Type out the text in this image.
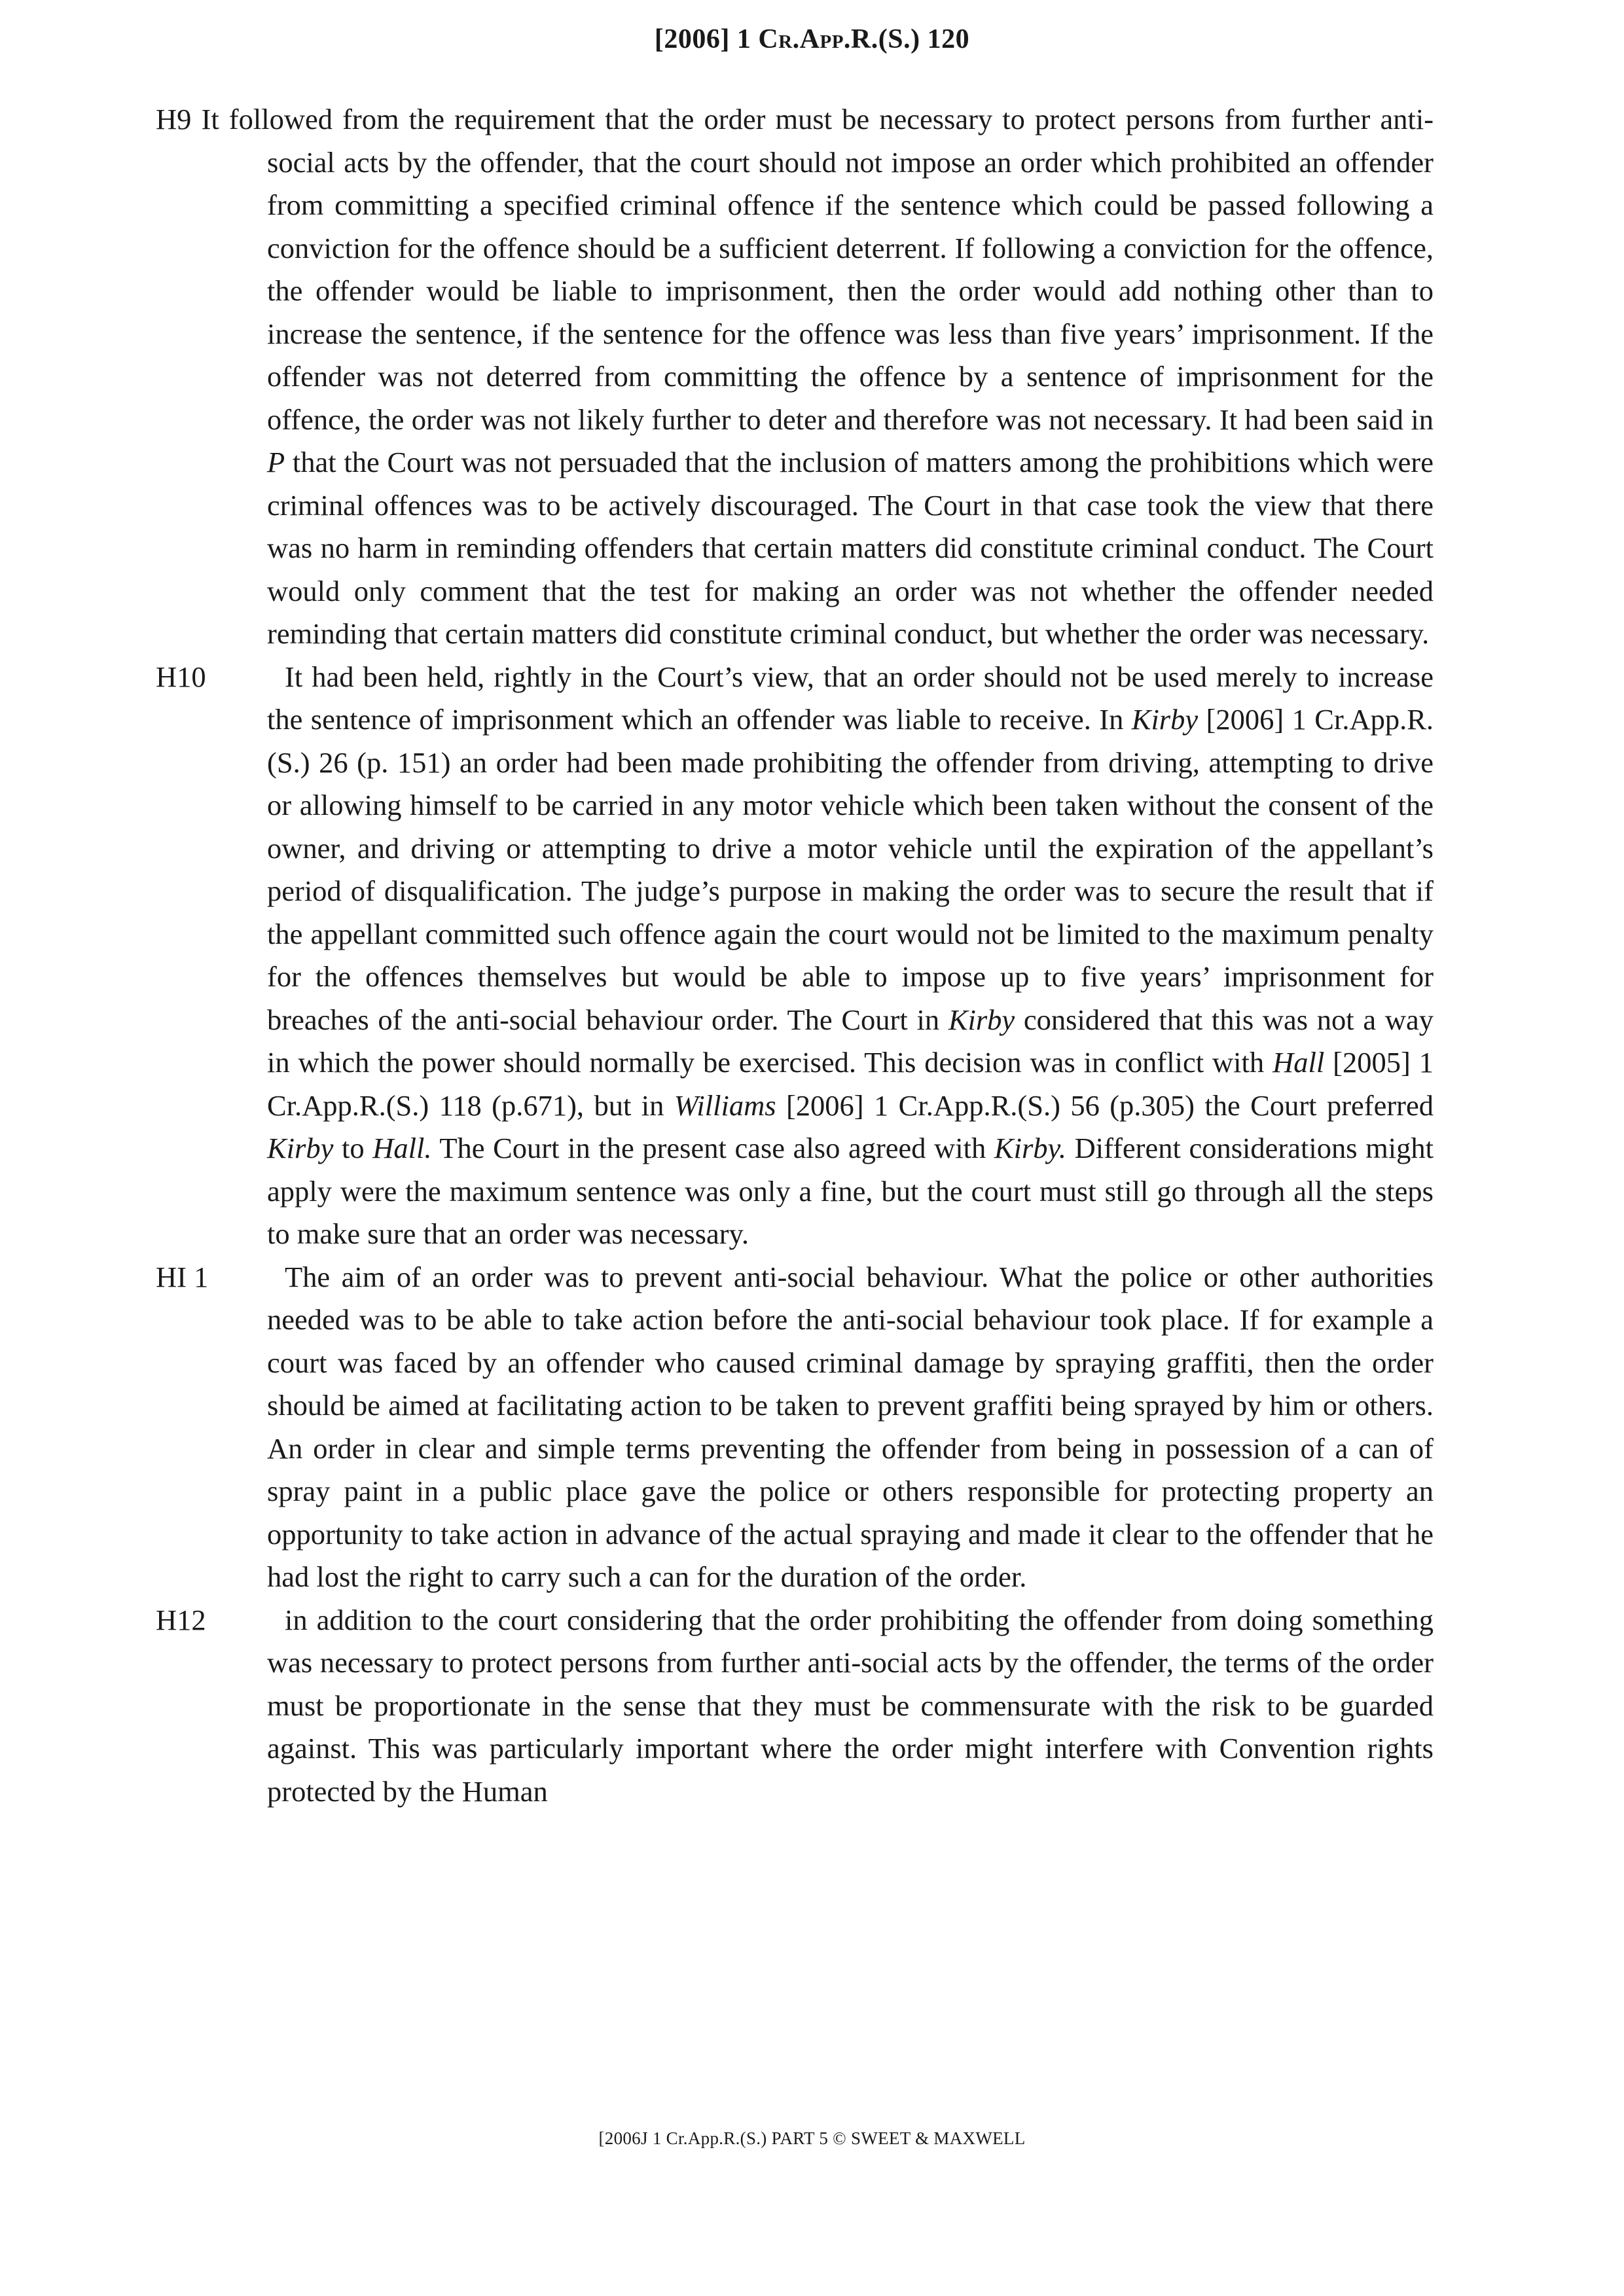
[2006] 1 Cr.App.R.(S.) 120

H9 It followed from the requirement that the order must be necessary to protect persons from further anti-social acts by the offender, that the court should not impose an order which prohibited an offender from committing a specified criminal offence if the sentence which could be passed following a conviction for the offence should be a sufficient deterrent. If following a conviction for the offence, the offender would be liable to imprisonment, then the order would add nothing other than to increase the sentence, if the sentence for the offence was less than five years’ imprisonment. If the offender was not deterred from committing the offence by a sentence of imprisonment for the offence, the order was not likely further to deter and therefore was not necessary. It had been said in P that the Court was not persuaded that the inclusion of matters among the prohibitions which were criminal offences was to be actively discouraged. The Court in that case took the view that there was no harm in reminding offenders that certain matters did constitute criminal conduct. The Court would only comment that the test for making an order was not whether the offender needed reminding that certain matters did constitute criminal conduct, but whether the order was necessary.

H10	It had been held, rightly in the Court’s view, that an order should not be used merely to increase the sentence of imprisonment which an offender was liable to receive. In Kirby [2006] 1 Cr.App.R.(S.) 26 (p. 151) an order had been made prohibiting the offender from driving, attempting to drive or allowing himself to be carried in any motor vehicle which been taken without the consent of the owner, and driving or attempting to drive a motor vehicle until the expiration of the appellant’s period of disqualification. The judge’s purpose in making the order was to secure the result that if the appellant committed such offence again the court would not be limited to the maximum penalty for the offences themselves but would be able to impose up to five years’ imprisonment for breaches of the anti-social behaviour order. The Court in Kirby considered that this was not a way in which the power should normally be exercised. This decision was in conflict with Hall [2005] 1 Cr.App.R.(S.) 118 (p.671), but in Williams [2006] 1 Cr.App.R.(S.) 56 (p.305) the Court preferred Kirby to Hall. The Court in the present case also agreed with Kirby. Different considerations might apply were the maximum sentence was only a fine, but the court must still go through all the steps to make sure that an order was necessary.

HI 1	The aim of an order was to prevent anti-social behaviour. What the police or other authorities needed was to be able to take action before the anti-social behaviour took place. If for example a court was faced by an offender who caused criminal damage by spraying graffiti, then the order should be aimed at facilitating action to be taken to prevent graffiti being sprayed by him or others. An order in clear and simple terms preventing the offender from being in possession of a can of spray paint in a public place gave the police or others responsible for protecting property an opportunity to take action in advance of the actual spraying and made it clear to the offender that he had lost the right to carry such a can for the duration of the order.

H12	in addition to the court considering that the order prohibiting the offender from doing something was necessary to protect persons from further anti-social acts by the offender, the terms of the order must be proportionate in the sense that they must be commensurate with the risk to be guarded against. This was particularly important where the order might interfere with Convention rights protected by the Human

[2006J 1 Cr.App.R.(S.) PART 5 © SWEET & MAXWELL
